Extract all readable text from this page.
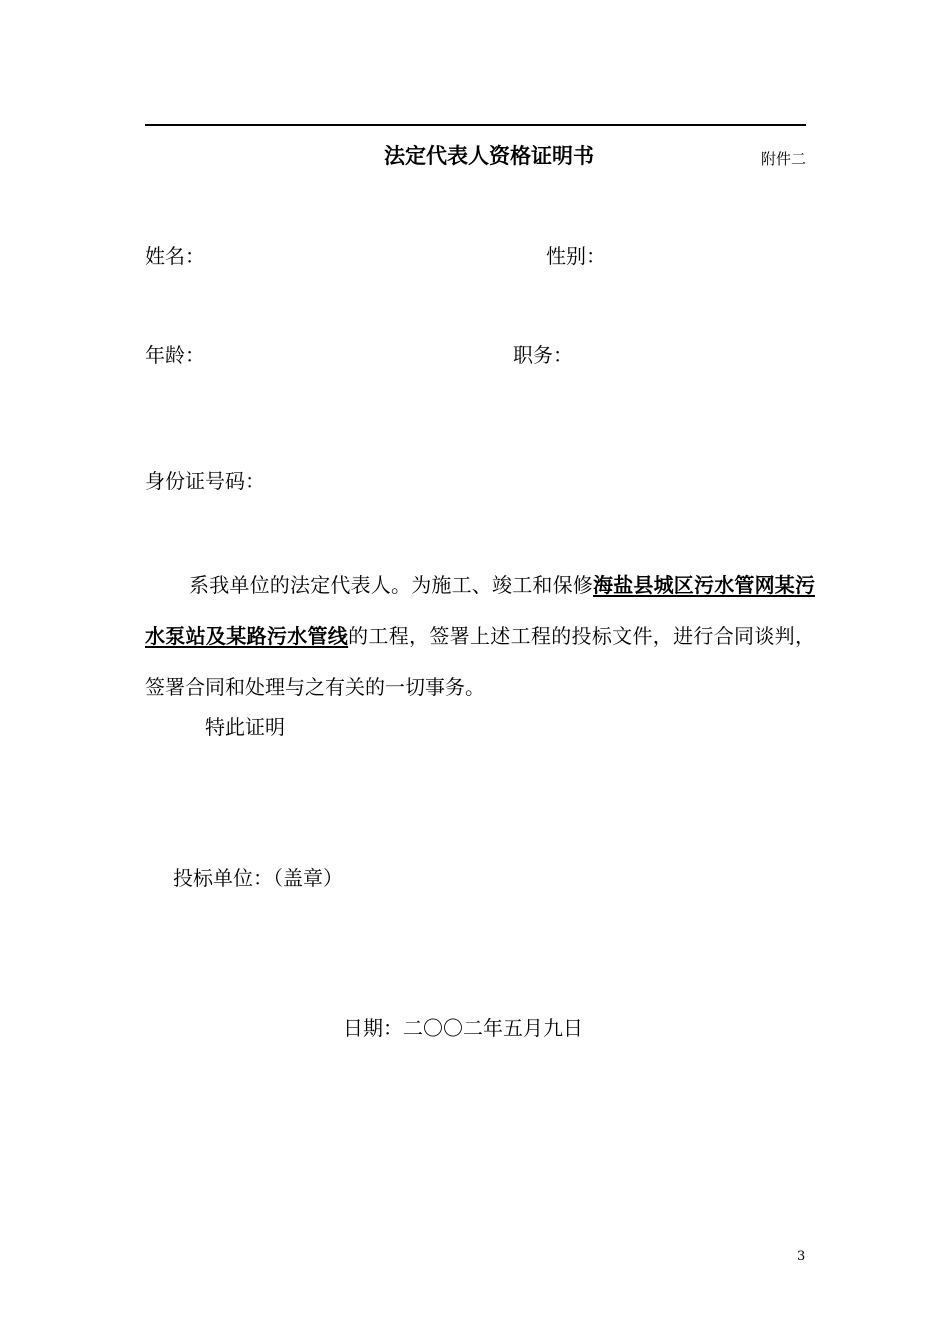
法定代表人资格证明书	附件二
姓名：	性别：
年龄：	职务：
身份证号码：
系我单位的法定代表人。为施工、竣工和保修海盐县城区污水管网某污水泵站及某路污水管线的工程，签署上述工程的投标文件，进行合同谈判，签署合同和处理与之有关的一切事务。
特此证明
投标单位：（盖章）
日期：二〇〇二年五月九日
3
